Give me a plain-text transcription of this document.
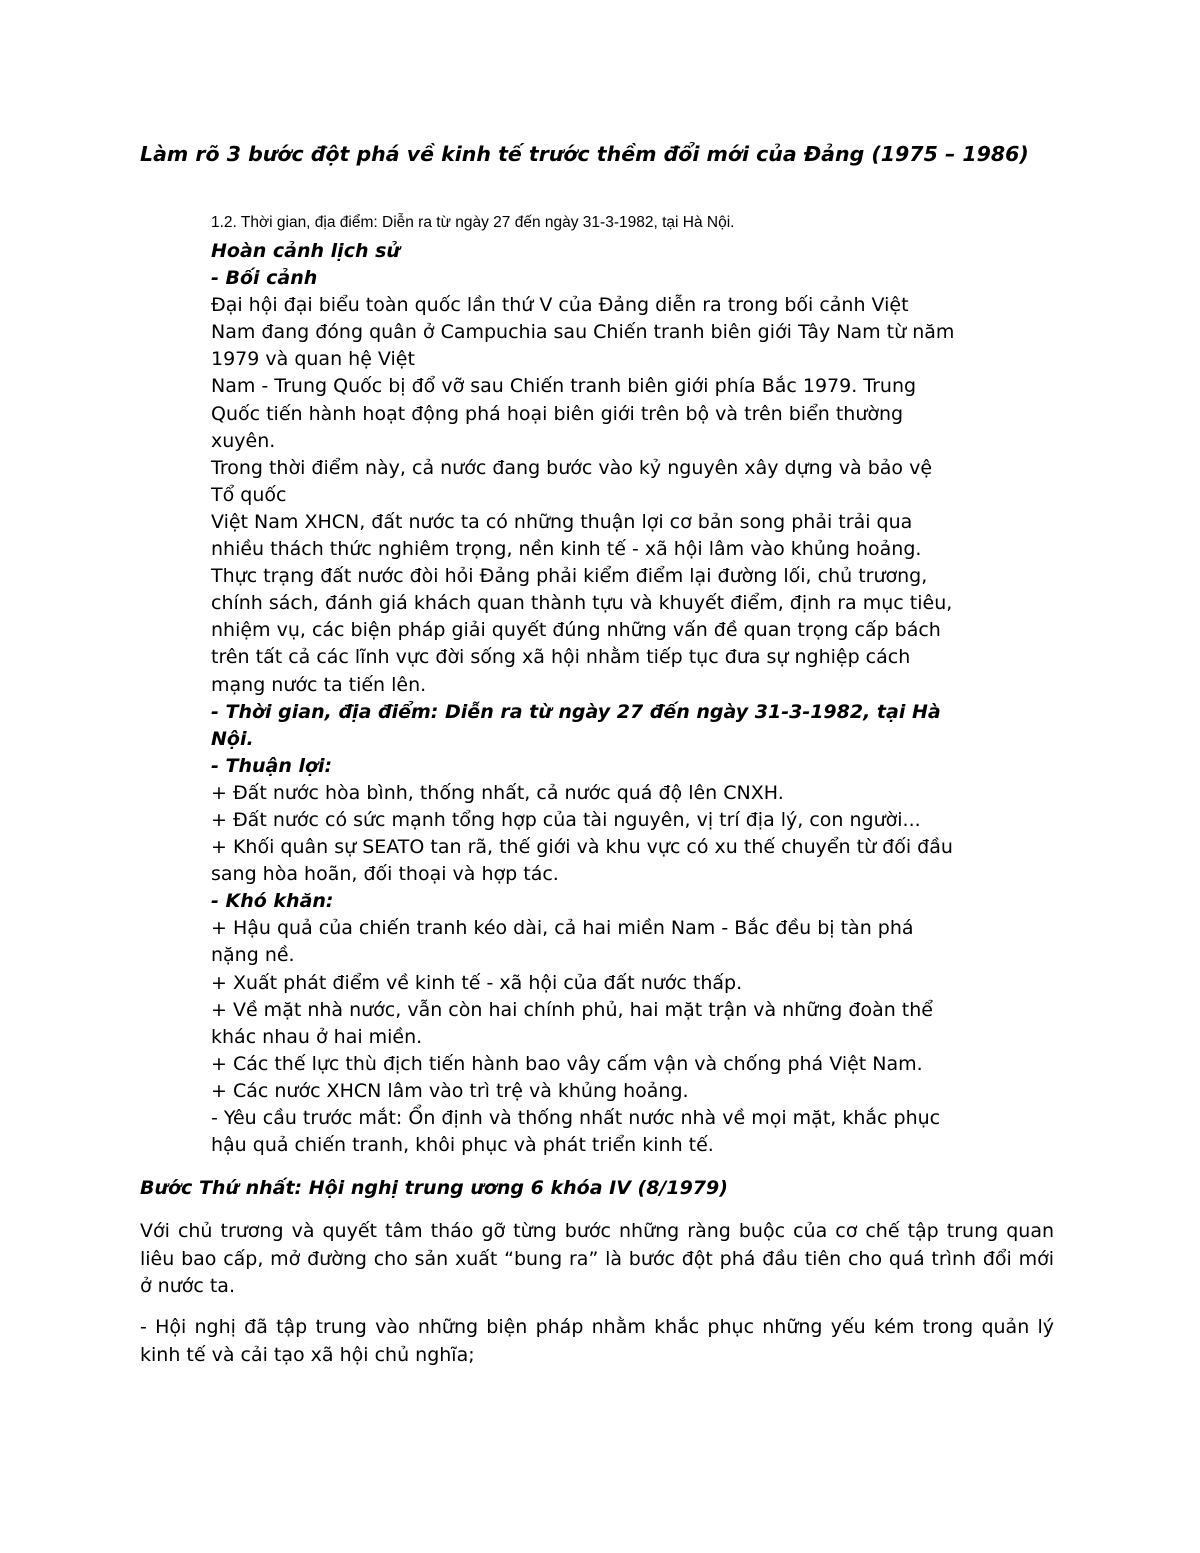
Làm rõ 3 bước đột phá về kinh tế trước thềm đổi mới của Đảng (1975 – 1986)

1.2. Thời gian, địa điểm: Diễn ra từ ngày 27 đến ngày 31-3-1982, tại Hà Nội.

Hoàn cảnh lịch sử

- Bối cảnh

Đại hội đại biểu toàn quốc lần thứ V của Đảng diễn ra trong bối cảnh Việt

Nam đang đóng quân ở Campuchia sau Chiến tranh biên giới Tây Nam từ năm

1979 và quan hệ Việt

Nam - Trung Quốc bị đổ vỡ sau Chiến tranh biên giới phía Bắc 1979. Trung

Quốc tiến hành hoạt động phá hoại biên giới trên bộ và trên biển thường

xuyên.

Trong thời điểm này, cả nước đang bước vào kỷ nguyên xây dựng và bảo vệ

Tổ quốc

Việt Nam XHCN, đất nước ta có những thuận lợi cơ bản song phải trải qua

nhiều thách thức nghiêm trọng, nền kinh tế - xã hội lâm vào khủng hoảng.

Thực trạng đất nước đòi hỏi Đảng phải kiểm điểm lại đường lối, chủ trương,

chính sách, đánh giá khách quan thành tựu và khuyết điểm, định ra mục tiêu,

nhiệm vụ, các biện pháp giải quyết đúng những vấn đề quan trọng cấp bách

trên tất cả các lĩnh vực đời sống xã hội nhằm tiếp tục đưa sự nghiệp cách

mạng nước ta tiến lên.

- Thời gian, địa điểm: Diễn ra từ ngày 27 đến ngày 31-3-1982, tại Hà

Nội.

- Thuận lợi:

+ Đất nước hòa bình, thống nhất, cả nước quá độ lên CNXH.

+ Đất nước có sức mạnh tổng hợp của tài nguyên, vị trí địa lý, con người...

+ Khối quân sự SEATO tan rã, thế giới và khu vực có xu thế chuyển từ đối đầu

sang hòa hoãn, đối thoại và hợp tác.

- Khó khăn:

+ Hậu quả của chiến tranh kéo dài, cả hai miền Nam - Bắc đều bị tàn phá

nặng nề.

+ Xuất phát điểm về kinh tế - xã hội của đất nước thấp.

+ Về mặt nhà nước, vẫn còn hai chính phủ, hai mặt trận và những đoàn thể

khác nhau ở hai miền.

+ Các thế lực thù địch tiến hành bao vây cấm vận và chống phá Việt Nam.

+ Các nước XHCN lâm vào trì trệ và khủng hoảng.

- Yêu cầu trước mắt: Ổn định và thống nhất nước nhà về mọi mặt, khắc phục

hậu quả chiến tranh, khôi phục và phát triển kinh tế.

Bước Thứ nhất: Hội nghị trung ương 6 khóa IV (8/1979)

Với chủ trương và quyết tâm tháo gỡ từng bước những ràng buộc của cơ chế tập trung quan liêu bao cấp, mở đường cho sản xuất “bung ra” là bước đột phá đầu tiên cho quá trình đổi mới ở nước ta.

- Hội nghị đã tập trung vào những biện pháp nhằm khắc phục những yếu kém trong quản lý kinh tế và cải tạo xã hội chủ nghĩa;
